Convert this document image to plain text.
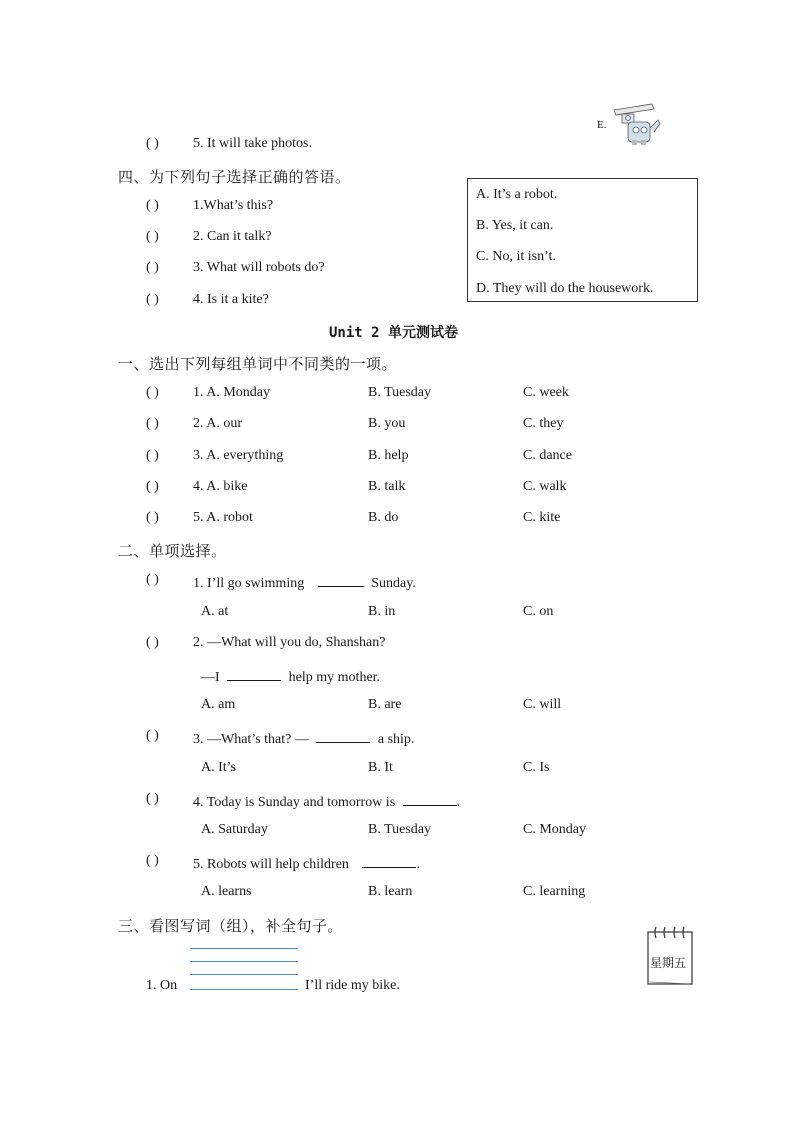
( ) 5. It will take photos.
E.
四、为下列句子选择正确的答语。
( ) 1.What’s this?
( ) 2. Can it talk?
( ) 3. What will robots do?
( ) 4. Is it a kite?
A. It’s a robot.
B. Yes, it can.
C. No, it isn’t.
D. They will do the housework.
Unit 2 单元测试卷
一、选出下列每组单词中不同类的一项。
( ) 1. A. Monday	B. Tuesday	C. week
( ) 2. A. our	B. you	C. they
( ) 3. A. everything	B. help	C. dance
( ) 4. A. bike	B. talk	C. walk
( ) 5. A. robot	B. do	C. kite
二、单项选择。
( ) 1. I’ll go swimming	Sunday.
A. at	B. in	C. on
( ) 2. —What will you do, Shanshan?
—I	help my mother.
A. am	B. are	C. will
( ) 3. —What’s that? —	a ship.
A. It’s	B. It	C. Is
( ) 4. Today is Sunday and tomorrow is	.
A. Saturday	B. Tuesday	C. Monday
( ) 5. Robots will help children	.
A. learns	B. learn	C. learning
三、看图写词（组），补全句子。
1. On	I’ll ride my bike.
星期五
